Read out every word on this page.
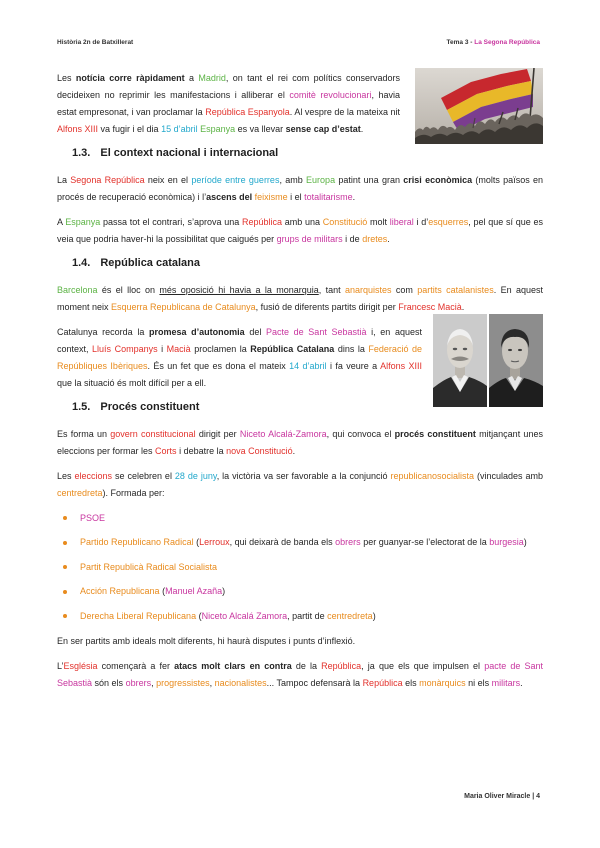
Història 2n de Batxillerat	Tema 3 - La Segona República

Les notícia corre ràpidament a Madrid, on tant el rei com polítics conservadors decideixen no reprimir les manifestacions i alliberar el comitè revolucionari, havia estat empresonat, i van proclamar la República Espanyola. Al vespre de la mateixa nit Alfons XIII va fugir i el dia 15 d’abril Espanya es va llevar sense cap d’estat.

1.3. El context nacional i internacional

La Segona República neix en el període entre guerres, amb Europa patint una gran crisi econòmica (molts països en procés de recuperació econòmica) i l’ascens del feixisme i el totalitarisme.

A Espanya passa tot el contrari, s’aprova una República amb una Constitució molt liberal i d’esquerres, pel que sí que es veia que podria haver-hi la possibilitat que caigués per grups de militars i de dretes.

1.4. República catalana

Barcelona és el lloc on més oposició hi havia a la monarquia, tant anarquistes com partits catalanistes. En aquest moment neix Esquerra Republicana de Catalunya, fusió de diferents partits dirigit per Francesc Macià.

Catalunya recorda la promesa d’autonomia del Pacte de Sant Sebastià i, en aquest context, Lluís Companys i Macià proclamen la República Catalana dins la Federació de Repúbliques Ibèriques. És un fet que es dona el mateix 14 d’abril i fa veure a Alfons XIII que la situació és molt difícil per a ell.

1.5. Procés constituent

Es forma un govern constitucional dirigit per Niceto Alcalá-Zamora, qui convoca el procés constituent mitjançant unes eleccions per formar les Corts i debatre la nova Constitució.

Les eleccions se celebren el 28 de juny, la victòria va ser favorable a la conjunció republicanosocialista (vinculades amb centredreta). Formada per:

PSOE
Partido Republicano Radical (Lerroux, qui deixarà de banda els obrers per guanyar-se l’electorat de la burgesia)
Partit Republicà Radical Socialista
Acción Republicana (Manuel Azaña)
Derecha Liberal Republicana (Niceto Alcalá Zamora, partit de centredreta)

En ser partits amb ideals molt diferents, hi haurà disputes i punts d’inflexió.

L’Església començarà a fer atacs molt clars en contra de la República, ja que els que impulsen el pacte de Sant Sebastià són els obrers, progressistes, nacionalistes... Tampoc defensarà la República els monàrquics ni els militars.

Maria Oliver Miracle | 4
